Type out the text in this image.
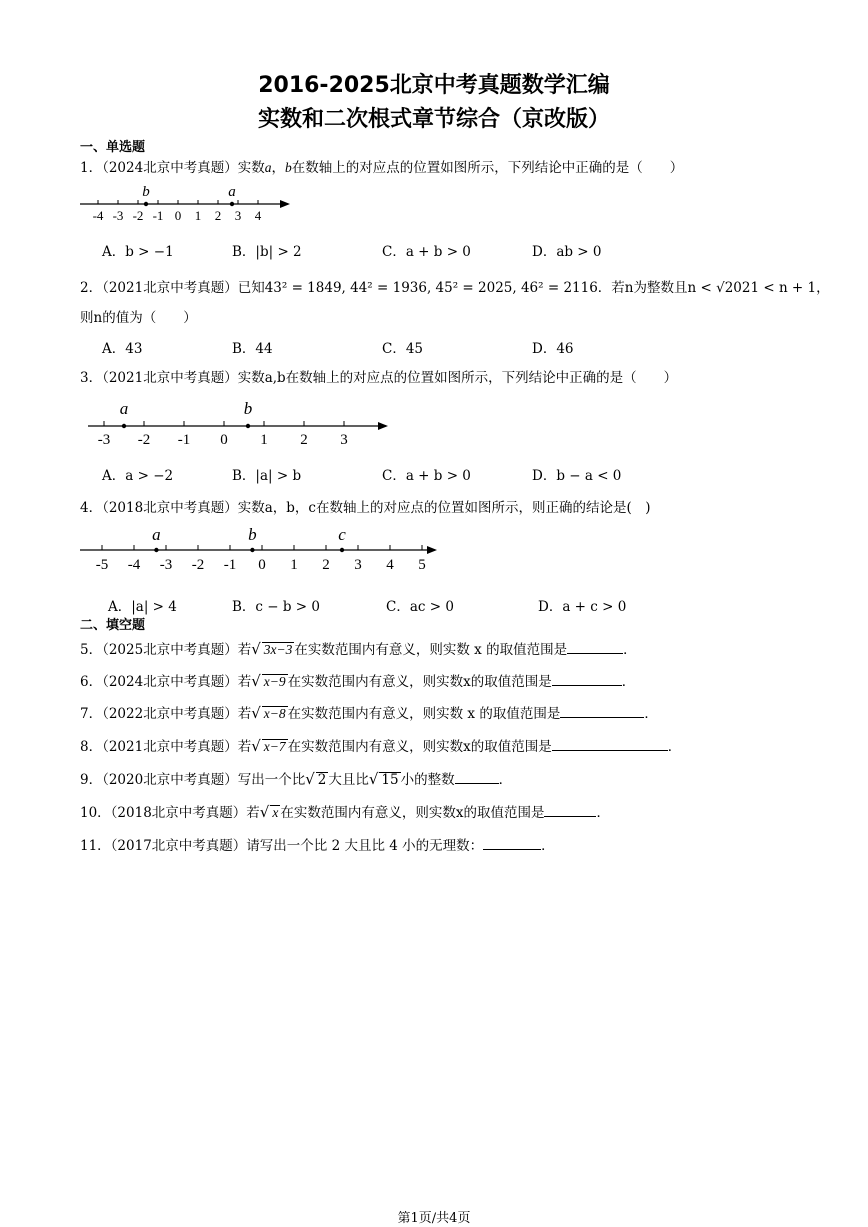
2016-2025北京中考真题数学汇编
实数和二次根式章节综合（京改版）
一、单选题
1．（2024北京中考真题）实数a，b在数轴上的对应点的位置如图所示，下列结论中正确的是（　　）
-4 -3 -2 -1 0 1 2 3 4
a
b
A．b > −1	B．|b| > 2	C．a + b > 0	D．ab > 0
2．（2021北京中考真题）已知43² = 1849, 44² = 1936, 45² = 2025, 46² = 2116．若n为整数且n < √2021 < n + 1，
则n的值为（　　）
A．43	B．44	C．45	D．46
3．（2021北京中考真题）实数a,b在数轴上的对应点的位置如图所示，下列结论中正确的是（　　）
-3 -2 -1 0 1 2 3
a	b
A．a > −2	B．|a| > b	C．a + b > 0	D．b − a < 0
4．（2018北京中考真题）实数a，b，c在数轴上的对应点的位置如图所示，则正确的结论是(　)
-5 -4 -3 -2 -1 0 1 2 3 4 5
a	b	c
A．|a| > 4	B．c − b > 0	C．ac > 0	D．a + c > 0
二、填空题
5．（2025北京中考真题）若√ 3x−3 在实数范围内有意义，则实数 x 的取值范围是	．
6．（2024北京中考真题）若√ x−9 在实数范围内有意义，则实数x的取值范围是	．
7．（2022北京中考真题）若√ x−8 在实数范围内有意义，则实数 x 的取值范围是	．
8．（2021北京中考真题）若√ x−7 在实数范围内有意义，则实数x的取值范围是	．
9．（2020北京中考真题）写出一个比√ 2 大且比√ 15 小的整数	．
10．（2018北京中考真题）若√ x 在实数范围内有意义，则实数x的取值范围是	．
11．（2017北京中考真题）请写出一个比 2 大且比 4 小的无理数：	．
第1页/共4页
